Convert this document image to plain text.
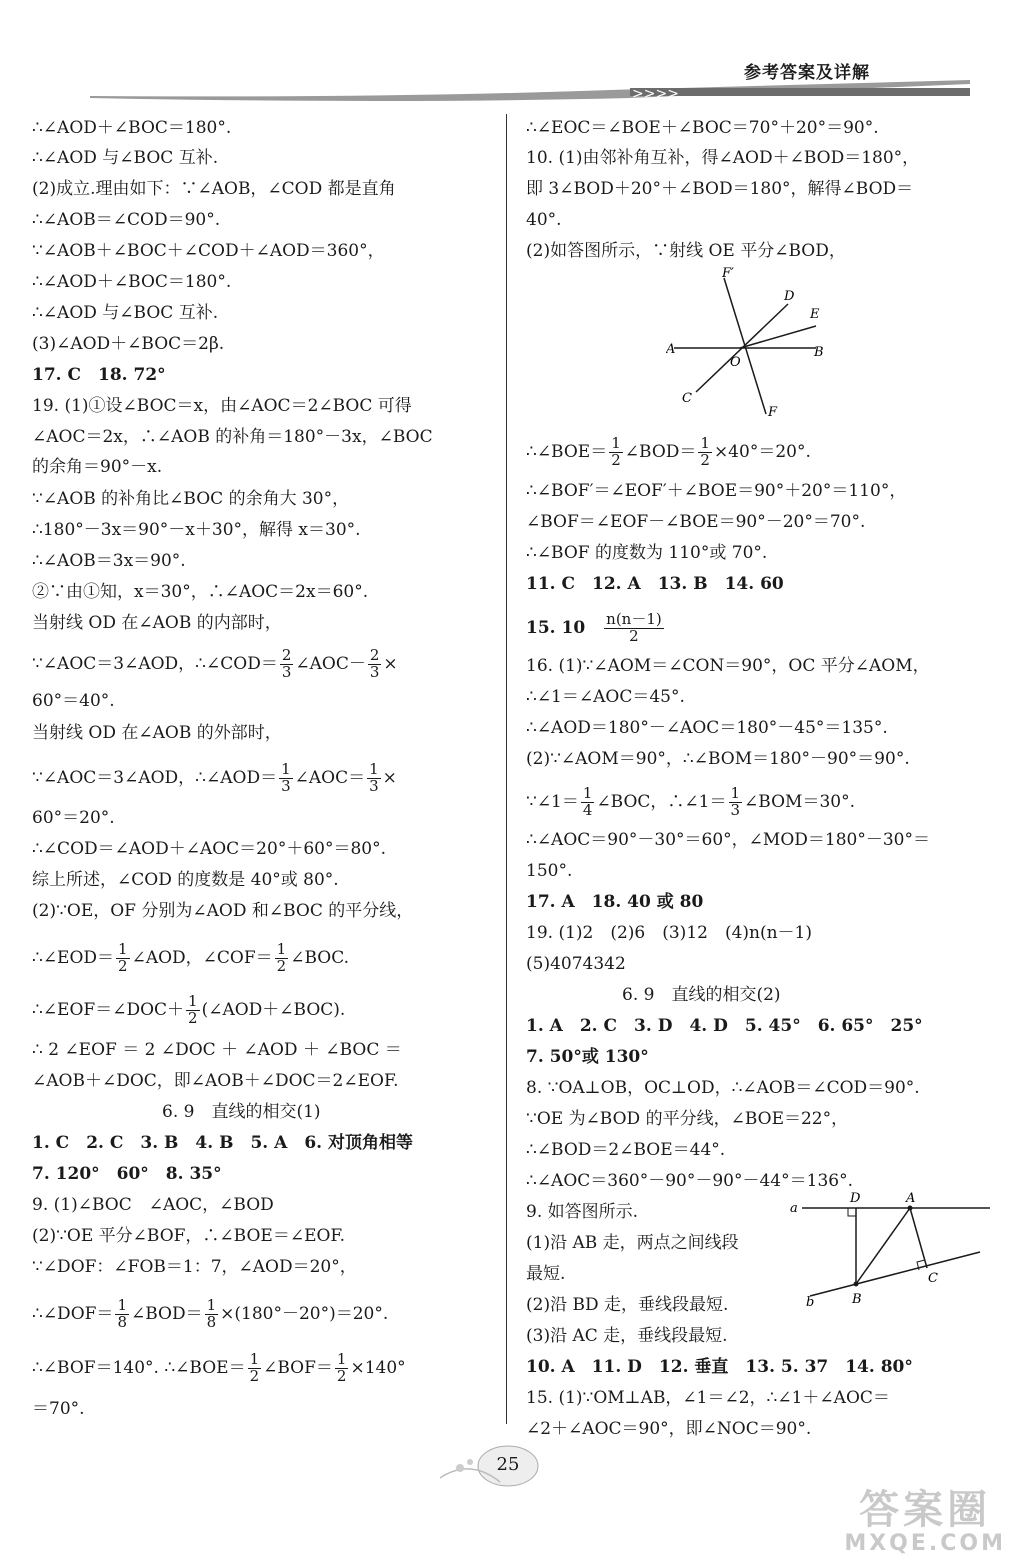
参考答案及详解
>>>>
∴∠AOD＋∠BOC＝180°.
∴∠AOD 与∠BOC 互补.
(2)成立.理由如下：∵∠AOB，∠COD 都是直角
∴∠AOB＝∠COD＝90°.
∵∠AOB＋∠BOC＋∠COD＋∠AOD＝360°，
∴∠AOD＋∠BOC＝180°.
∴∠AOD 与∠BOC 互补.
(3)∠AOD＋∠BOC＝2β.
17. C　18. 72°
19. (1)①设∠BOC＝x，由∠AOC＝2∠BOC 可得
∠AOC＝2x，∴∠AOB 的补角＝180°－3x，∠BOC
的余角＝90°－x.
∵∠AOB 的补角比∠BOC 的余角大 30°，
∴180°－3x＝90°－x＋30°，解得 x＝30°.
∴∠AOB＝3x＝90°.
②∵由①知，x＝30°，∴∠AOC＝2x＝60°.
当射线 OD 在∠AOB 的内部时，
∵∠AOC＝3∠AOD，∴∠COD＝ $\frac{2}{3}$ ∠AOC－ $\frac{2}{3}$ ×
60°＝40°.
当射线 OD 在∠AOB 的外部时，
∵∠AOC＝3∠AOD，∴∠AOD＝ $\frac{1}{3}$ ∠AOC＝ $\frac{1}{3}$ ×
60°＝20°.
∴∠COD＝∠AOD＋∠AOC＝20°＋60°＝80°.
综上所述，∠COD 的度数是 40°或 80°.
(2)∵OE，OF 分别为∠AOD 和∠BOC 的平分线，
∴∠EOD＝ $\frac{1}{2}$ ∠AOD，∠COF＝ $\frac{1}{2}$ ∠BOC.
∴∠EOF＝∠DOC＋ $\frac{1}{2}$ (∠AOD＋∠BOC).
∴ 2 ∠EOF ＝ 2 ∠DOC ＋ ∠AOD ＋ ∠BOC ＝
∠AOB＋∠DOC，即∠AOB＋∠DOC＝2∠EOF.
6. 9　直线的相交(1)
1. C　2. C　3. B　4. B　5. A　6. 对顶角相等
7. 120°　60°　8. 35°
9. (1)∠BOC　∠AOC，∠BOD
(2)∵OE 平分∠BOF，∴∠BOE＝∠EOF.
∵∠DOF：∠FOB＝1：7，∠AOD＝20°，
∴∠DOF＝ $\frac{1}{8}$ ∠BOD＝ $\frac{1}{8} \times(180^\circ-20^\circ)=20^\circ$.
∴∠BOF＝140°. ∴∠BOE＝ $\frac{1}{2}$ ∠BOF＝ $\frac{1}{2} \times 140^\circ$
＝70°.
∴∠EOC＝∠BOE＋∠BOC＝70°＋20°＝90°.
10. (1)由邻补角互补，得∠AOD＋∠BOD＝180°，
即 3∠BOD＋20°＋∠BOD＝180°，解得∠BOD＝
40°.
(2)如答图所示，∵射线 OE 平分∠BOD，
F′
D
E
A
O
B
C
F
∴∠BOE＝ $\frac{1}{2}$ ∠BOD＝ $\frac{1}{2} \times 40^\circ=20^\circ$.
∴∠BOF′＝∠EOF′＋∠BOE＝90°＋20°＝110°，
∠BOF＝∠EOF－∠BOE＝90°－20°＝70°.
∴∠BOF 的度数为 110°或 70°.
11. C　12. A　13. B　14. 60
15. 10　 $\frac{n(n-1)}{2}$
16. (1)∵∠AOM＝∠CON＝90°，OC 平分∠AOM，
∴∠1＝∠AOC＝45°.
∴∠AOD＝180°－∠AOC＝180°－45°＝135°.
(2)∵∠AOM＝90°，∴∠BOM＝180°－90°＝90°.
∵∠1＝ $\frac{1}{4}$ ∠BOC，∴∠1＝ $\frac{1}{3}$ ∠BOM＝30°.
∴∠AOC＝90°－30°＝60°，∠MOD＝180°－30°＝
150°.
17. A　18. 40 或 80
19. (1)2　(2)6　(3)12　(4)n(n－1)
(5)4074342
6. 9　直线的相交(2)
1. A　2. C　3. D　4. D　5. 45°　6. 65°　25°
7. 50°或 130°
8. ∵OA⊥OB，OC⊥OD，∴∠AOB＝∠COD＝90°.
∵OE 为∠BOD 的平分线，∠BOE＝22°，
∴∠BOD＝2∠BOE＝44°.
∴∠AOC＝360°－90°－90°－44°＝136°.
9. 如答图所示.
(1)沿 AB 走，两点之间线段
最短.
(2)沿 BD 走，垂线段最短.
(3)沿 AC 走，垂线段最短.
a
D	A
C
b	B
10. A　11. D　12. 垂直　13. 5. 37　14. 80°
15. (1)∵OM⊥AB，∠1＝∠2，∴∠1＋∠AOC＝
∠2＋∠AOC＝90°，即∠NOC＝90°.
25
答案圈
MXQE.COM
